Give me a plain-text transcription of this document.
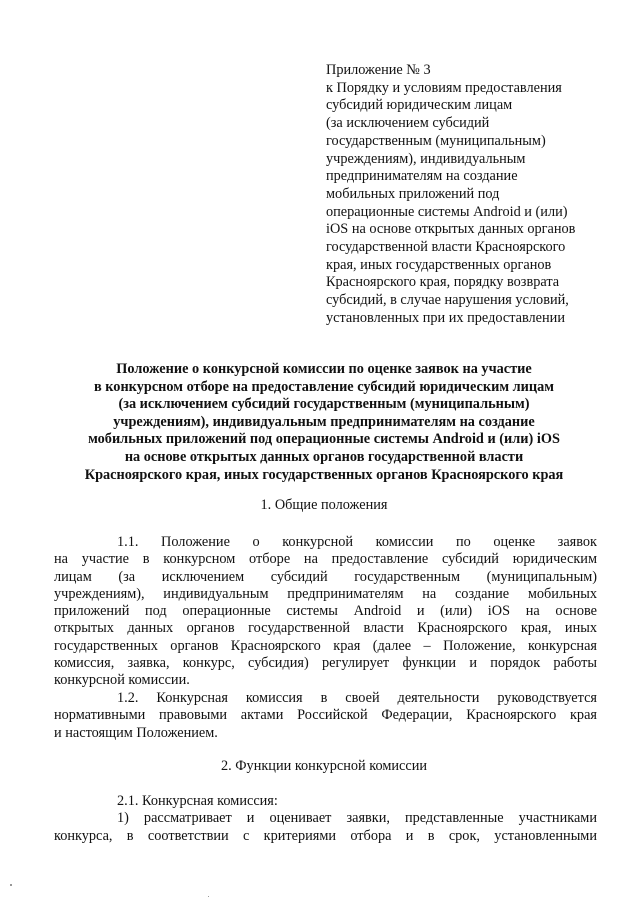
Приложение № 3
к Порядку и условиям предоставления
субсидий юридическим лицам
(за исключением субсидий
государственным (муниципальным)
учреждениям), индивидуальным
предпринимателям на создание
мобильных приложений под
операционные системы Android и (или)
iOS на основе открытых данных органов
государственной власти Красноярского
края, иных государственных органов
Красноярского края, порядку возврата
субсидий, в случае нарушения условий,
установленных при их предоставлении
Положение о конкурсной комиссии по оценке заявок на участие
в конкурсном отборе на предоставление субсидий юридическим лицам
(за исключением субсидий государственным (муниципальным)
учреждениям), индивидуальным предпринимателям на создание
мобильных приложений под операционные системы Android и (или) iOS
на основе открытых данных органов государственной власти
Красноярского края, иных государственных органов Красноярского края
1. Общие положения
1.1. Положение о конкурсной комиссии по оценке заявок
на участие в конкурсном отборе на предоставление субсидий юридическим
лицам (за исключением субсидий государственным (муниципальным)
учреждениям), индивидуальным предпринимателям на создание мобильных
приложений под операционные системы Android и (или) iOS на основе
открытых данных органов государственной власти Красноярского края, иных
государственных органов Красноярского края (далее – Положение, конкурсная
комиссия, заявка, конкурс, субсидия) регулирует функции и порядок работы
конкурсной комиссии.
1.2. Конкурсная комиссия в своей деятельности руководствуется
нормативными правовыми актами Российской Федерации, Красноярского края
и настоящим Положением.
2. Функции конкурсной комиссии
2.1. Конкурсная комиссия:
1) рассматривает и оценивает заявки, представленные участниками
конкурса, в соответствии с критериями отбора и в срок, установленными
